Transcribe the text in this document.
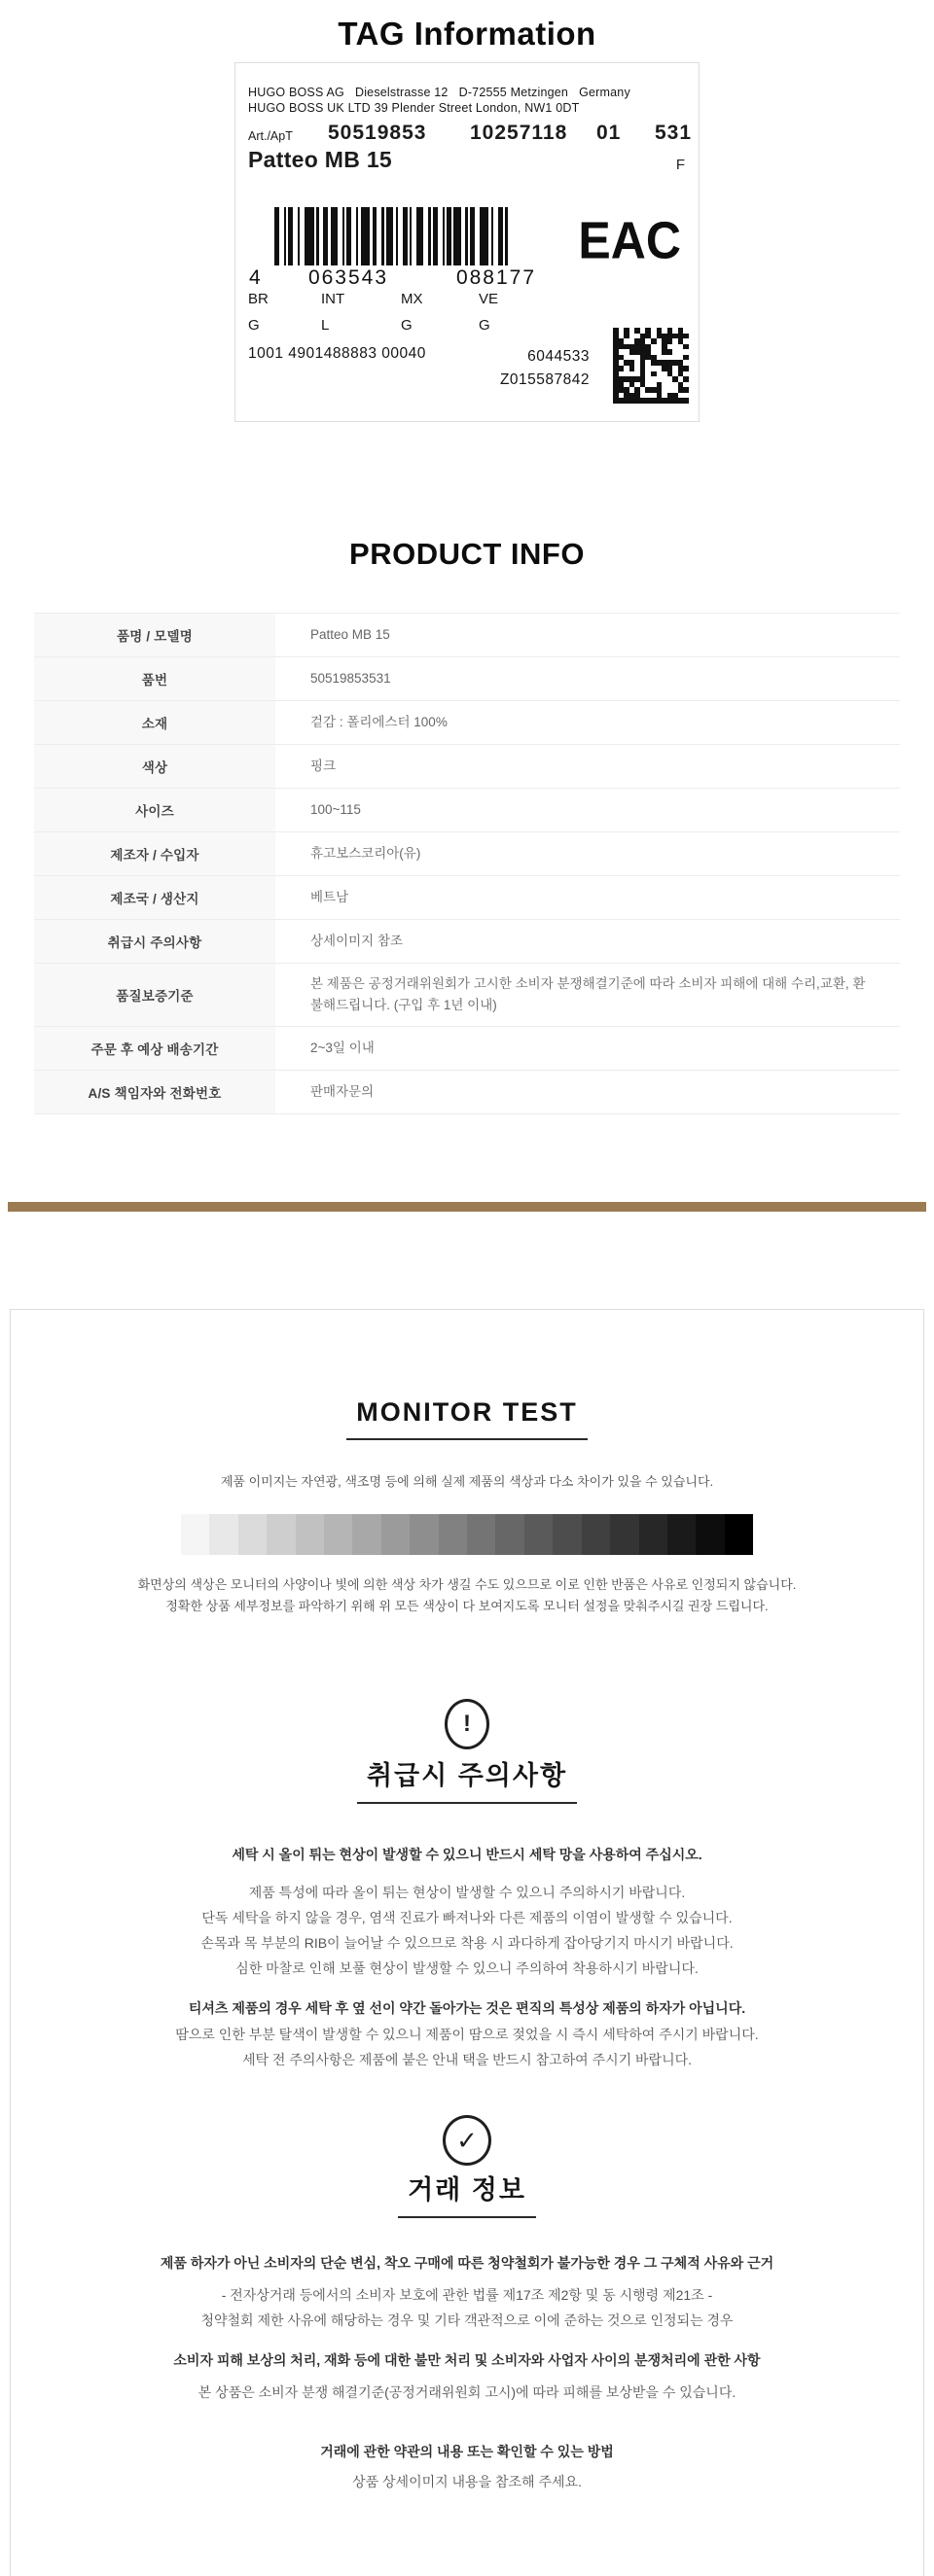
TAG Information
HUGO BOSS AG   Dieselstrasse 12   D-72555 Metzingen   Germany
HUGO BOSS UK LTD 39 Plender Street London, NW1 0DT
Art./ApT 50519853 10257118 01 531
Patteo MB 15	F
4	063543	088177
EAC
BR	INT	MX	VE
G	L	G	G
1001 4901488883 00040	6044533
Z015587842
PRODUCT INFO
품명 / 모델명	Patteo MB 15
품번	50519853531
소재	겉감 : 폴리에스터 100%
색상	핑크
사이즈	100~115
제조자 / 수입자	휴고보스코리아(유)
제조국 / 생산지	베트남
취급시 주의사항	상세이미지 참조
품질보증기준
본 제품은 공정거래위원회가 고시한 소비자 분쟁해결기준에 따라 소비자 피해에 대해 수리,교환, 환불해드립니다. (구입 후 1년 이내)
주문 후 예상 배송기간	2~3일 이내
A/S 책임자와 전화번호	판매자문의
MONITOR TEST
제품 이미지는 자연광, 색조명 등에 의해 실제 제품의 색상과 다소 차이가 있을 수 있습니다.
화면상의 색상은 모니터의 사양이나 빛에 의한 색상 차가 생길 수도 있으므로 이로 인한 반품은 사유로 인정되지 않습니다.
정확한 상품 세부정보를 파악하기 위해 위 모든 색상이 다 보여지도록 모니터 설정을 맞춰주시길 권장 드립니다.
!
취급시 주의사항
세탁 시 올이 튀는 현상이 발생할 수 있으니 반드시 세탁 망을 사용하여 주십시오.
제품 특성에 따라 올이 튀는 현상이 발생할 수 있으니 주의하시기 바랍니다.
단독 세탁을 하지 않을 경우, 염색 진료가 빠져나와 다른 제품의 이염이 발생할 수 있습니다.
손목과 목 부분의 RIB이 늘어날 수 있으므로 착용 시 과다하게 잡아당기지 마시기 바랍니다.
심한 마찰로 인해 보풀 현상이 발생할 수 있으니 주의하여 착용하시기 바랍니다.
티셔츠 제품의 경우 세탁 후 옆 선이 약간 돌아가는 것은 편직의 특성상 제품의 하자가 아닙니다.
땀으로 인한 부분 탈색이 발생할 수 있으니 제품이 땀으로 젖었을 시 즉시 세탁하여 주시기 바랍니다.
세탁 전 주의사항은 제품에 붙은 안내 택을 반드시 참고하여 주시기 바랍니다.
✓
거래 정보
제품 하자가 아닌 소비자의 단순 변심, 착오 구매에 따른 청약철회가 불가능한 경우 그 구체적 사유와 근거
- 전자상거래 등에서의 소비자 보호에 관한 법률 제17조 제2항 및 동 시행령 제21조 -
청약철회 제한 사유에 해당하는 경우 및 기타 객관적으로 이에 준하는 것으로 인정되는 경우
소비자 피해 보상의 처리, 재화 등에 대한 불만 처리 및 소비자와 사업자 사이의 분쟁처리에 관한 사항
본 상품은 소비자 분쟁 해결기준(공정거래위원회 고시)에 따라 피해를 보상받을 수 있습니다.
거래에 관한 약관의 내용 또는 확인할 수 있는 방법
상품 상세이미지 내용을 참조해 주세요.
